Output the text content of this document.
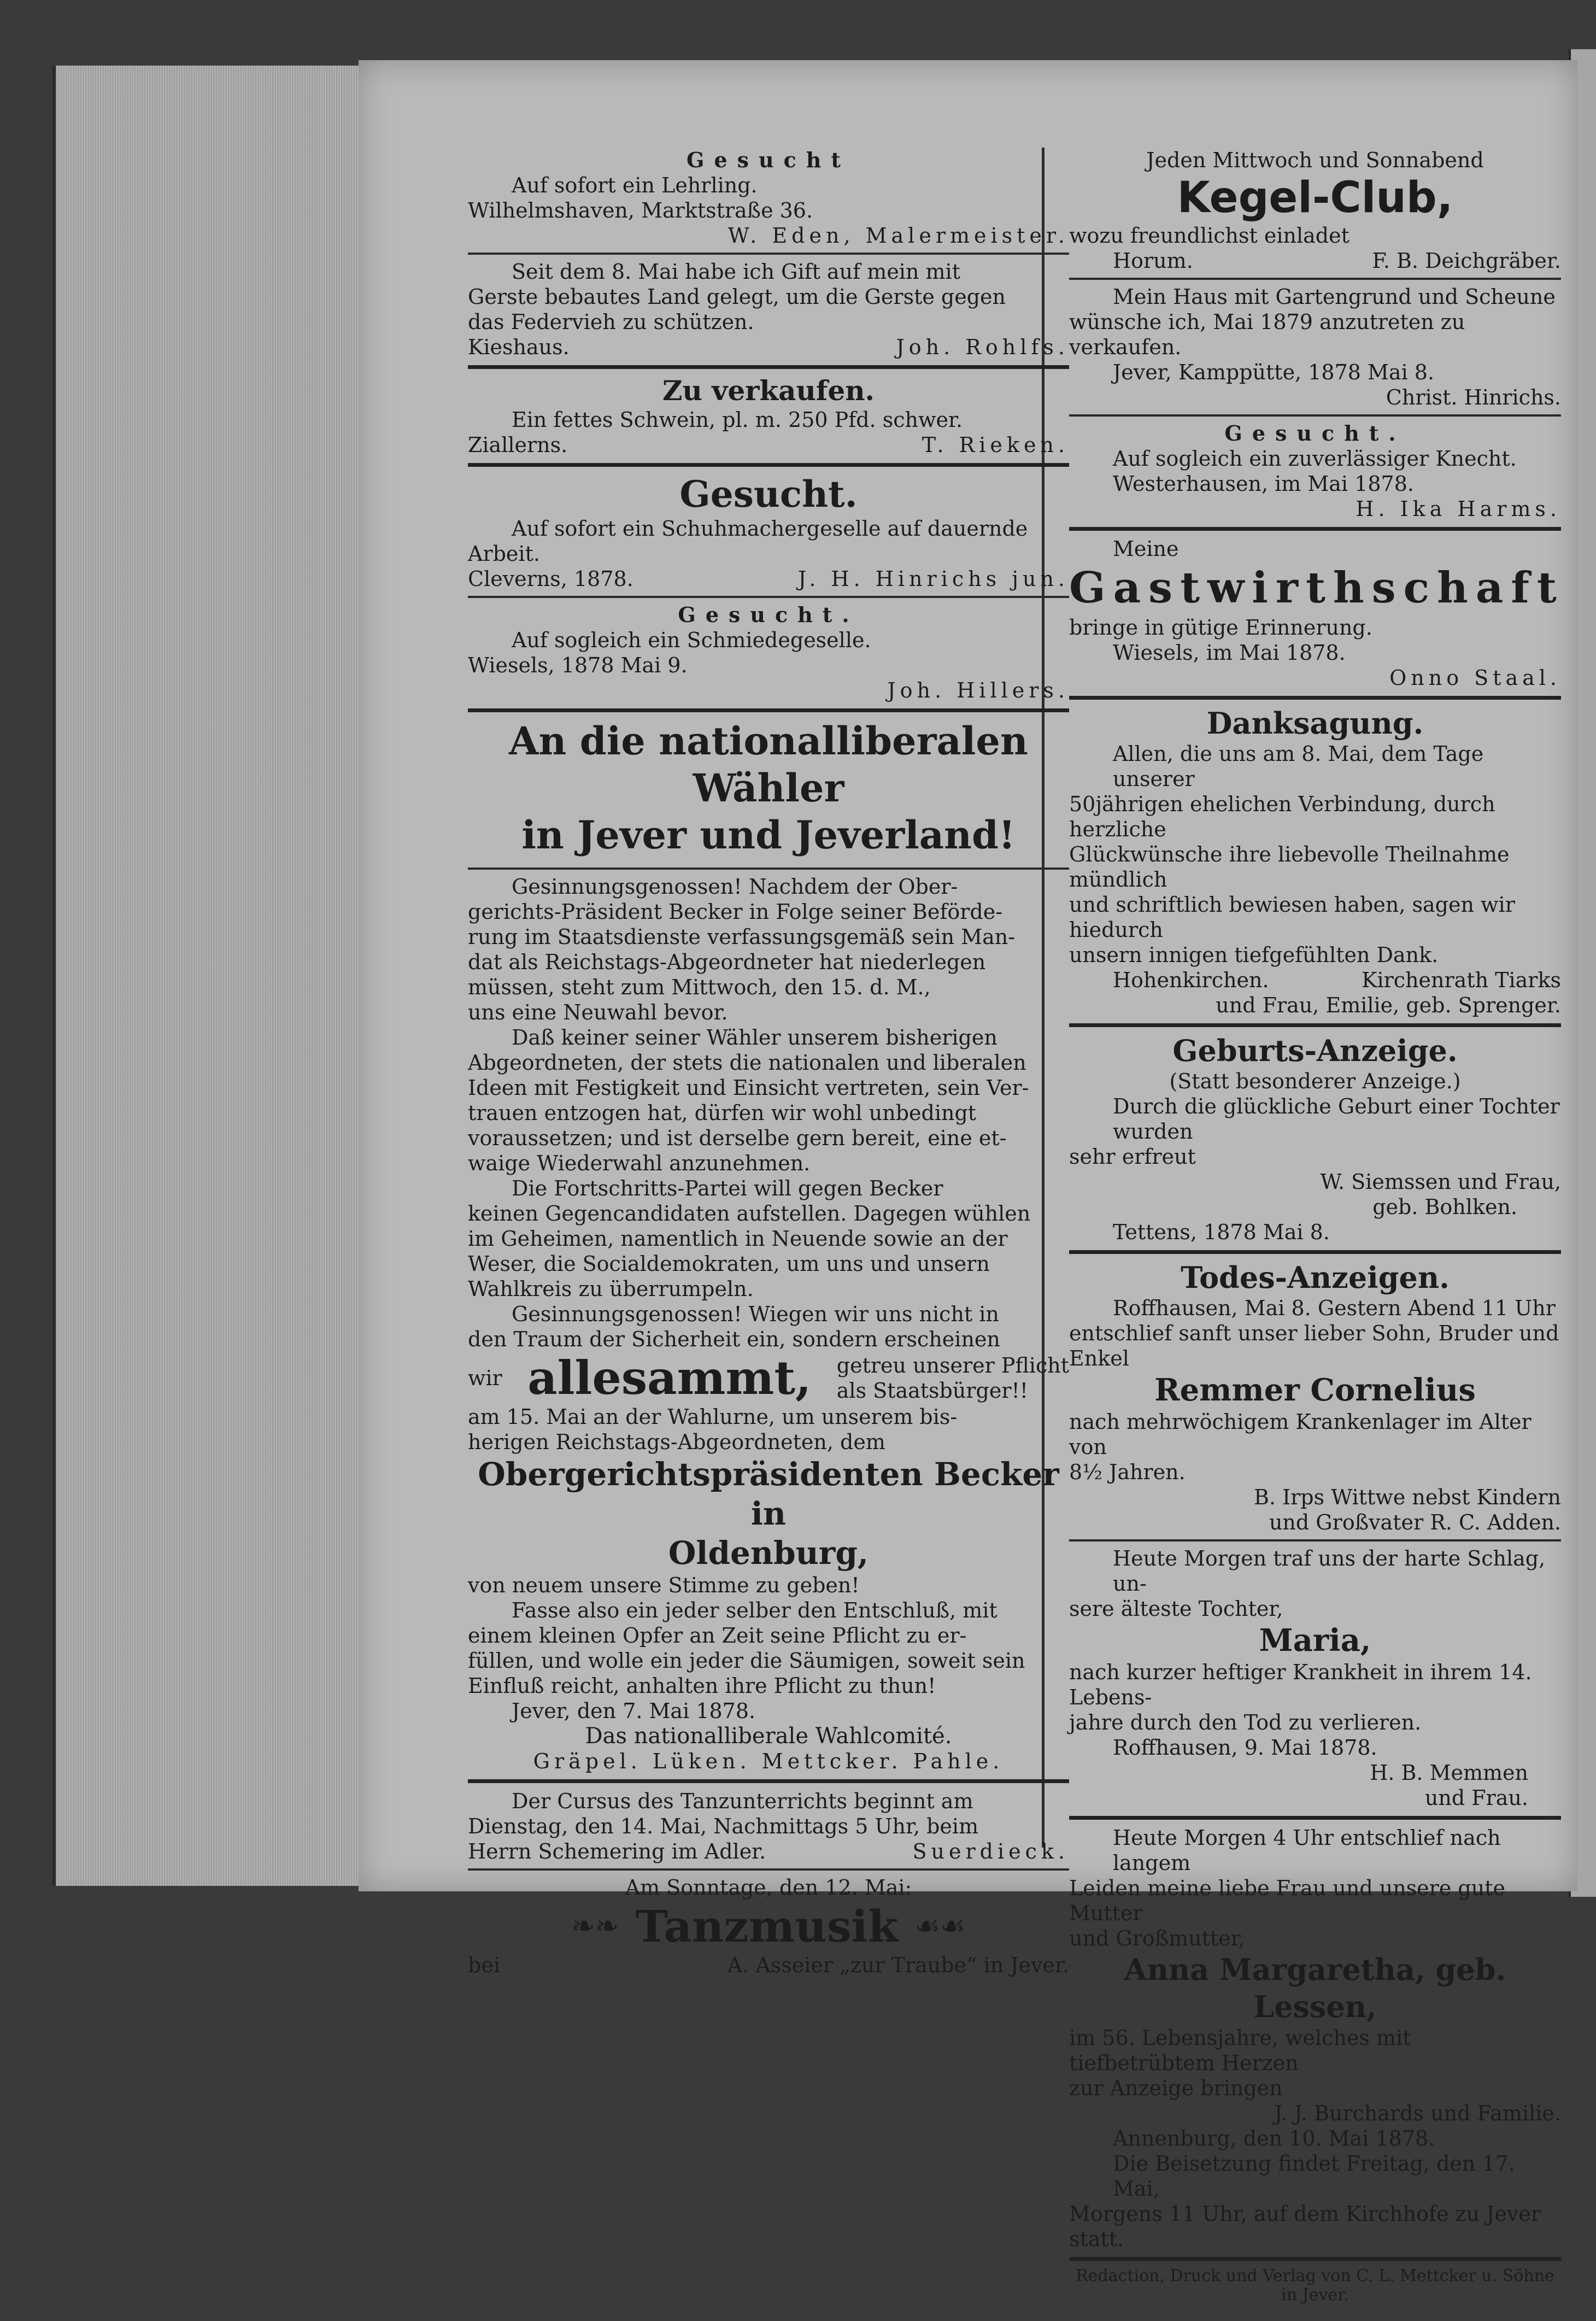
Gesucht

Auf sofort ein Lehrling.

Wilhelmshaven, Marktstraße 36.

W. Eden, Malermeister.

Seit dem 8. Mai habe ich Gift auf mein mit

Gerste bebautes Land gelegt, um die Gerste gegen

das Federvieh zu schützen.

Kieshaus.	Joh. Rohlfs.

Zu verkaufen.

Ein fettes Schwein, pl. m. 250 Pfd. schwer.

Ziallerns.	T. Rieken.

Gesucht.

Auf sofort ein Schuhmachergeselle auf dauernde

Arbeit.

Cleverns, 1878.	J. H. Hinrichs jun.

Gesucht.

Auf sogleich ein Schmiedegeselle.

Wiesels, 1878 Mai 9.

Joh. Hillers.

An die nationalliberalen Wähler

in Jever und Jeverland!

Gesinnungsgenossen! Nachdem der Ober-

gerichts-Präsident Becker in Folge seiner Beförde-

rung im Staatsdienste verfassungsgemäß sein Man-

dat als Reichstags-Abgeordneter hat niederlegen

müssen, steht zum Mittwoch, den 15. d. M.,

uns eine Neuwahl bevor.

Daß keiner seiner Wähler unserem bisherigen

Abgeordneten, der stets die nationalen und liberalen

Ideen mit Festigkeit und Einsicht vertreten, sein Ver-

trauen entzogen hat, dürfen wir wohl unbedingt

voraussetzen; und ist derselbe gern bereit, eine et-

waige Wiederwahl anzunehmen.

Die Fortschritts-Partei will gegen Becker

keinen Gegencandidaten aufstellen. Dagegen wühlen

im Geheimen, namentlich in Neuende sowie an der

Weser, die Socialdemokraten, um uns und unsern

Wahlkreis zu überrumpeln.

Gesinnungsgenossen! Wiegen wir uns nicht in

den Traum der Sicherheit ein, sondern erscheinen

wir allesammt, getreu unserer Pflicht
als Staatsbürger!!

am 15. Mai an der Wahlurne, um unserem bis-

herigen Reichstags-Abgeordneten, dem

Obergerichtspräsidenten Becker in

Oldenburg,

von neuem unsere Stimme zu geben!

Fasse also ein jeder selber den Entschluß, mit

einem kleinen Opfer an Zeit seine Pflicht zu er-

füllen, und wolle ein jeder die Säumigen, soweit sein

Einfluß reicht, anhalten ihre Pflicht zu thun!

Jever, den 7. Mai 1878.

Das nationalliberale Wahlcomité.

Gräpel. Lüken. Mettcker. Pahle.

Der Cursus des Tanzunterrichts beginnt am

Dienstag, den 14. Mai, Nachmittags 5 Uhr, beim

Herrn Schemering im Adler.	Suerdieck.

Am Sonntage, den 12. Mai:

❧❧ Tanzmusik ☙☙
bei	A. Asseier „zur Traube“ in Jever.

Jeden Mittwoch und Sonnabend

Kegel-Club,

wozu freundlichst einladet

Horum.	F. B. Deichgräber.

Mein Haus mit Gartengrund und Scheune

wünsche ich, Mai 1879 anzutreten zu verkaufen.

Jever, Kamppütte, 1878 Mai 8.

Christ. Hinrichs.

Gesucht.

Auf sogleich ein zuverlässiger Knecht.

Westerhausen, im Mai 1878.

H. Ika Harms.

Meine

Gastwirthschaft

bringe in gütige Erinnerung.

Wiesels, im Mai 1878.

Onno Staal.

Danksagung.

Allen, die uns am 8. Mai, dem Tage unserer

50jährigen ehelichen Verbindung, durch herzliche

Glückwünsche ihre liebevolle Theilnahme mündlich

und schriftlich bewiesen haben, sagen wir hiedurch

unsern innigen tiefgefühlten Dank.

Hohenkirchen.	Kirchenrath Tiarks

und Frau, Emilie, geb. Sprenger.

Geburts-Anzeige.

(Statt besonderer Anzeige.)

Durch die glückliche Geburt einer Tochter wurden

sehr erfreut

W. Siemssen und Frau,

geb. Bohlken.

Tettens, 1878 Mai 8.

Todes-Anzeigen.

Roffhausen, Mai 8. Gestern Abend 11 Uhr

entschlief sanft unser lieber Sohn, Bruder und Enkel

Remmer Cornelius

nach mehrwöchigem Krankenlager im Alter von

8½ Jahren.

B. Irps Wittwe nebst Kindern

und Großvater R. C. Adden.

Heute Morgen traf uns der harte Schlag, un-

sere älteste Tochter,

Maria,

nach kurzer heftiger Krankheit in ihrem 14. Lebens-

jahre durch den Tod zu verlieren.

Roffhausen, 9. Mai 1878.

H. B. Memmen

und Frau.

Heute Morgen 4 Uhr entschlief nach langem

Leiden meine liebe Frau und unsere gute Mutter

und Großmutter,

Anna Margaretha, geb. Lessen,

im 56. Lebensjahre, welches mit tiefbetrübtem Herzen

zur Anzeige bringen

J. J. Burchards und Familie.

Annenburg, den 10. Mai 1878.

Die Beisetzung findet Freitag, den 17. Mai,

Morgens 11 Uhr, auf dem Kirchhofe zu Jever statt.

Redaction, Druck und Verlag von C. L. Mettcker u. Söhne in Jever.
